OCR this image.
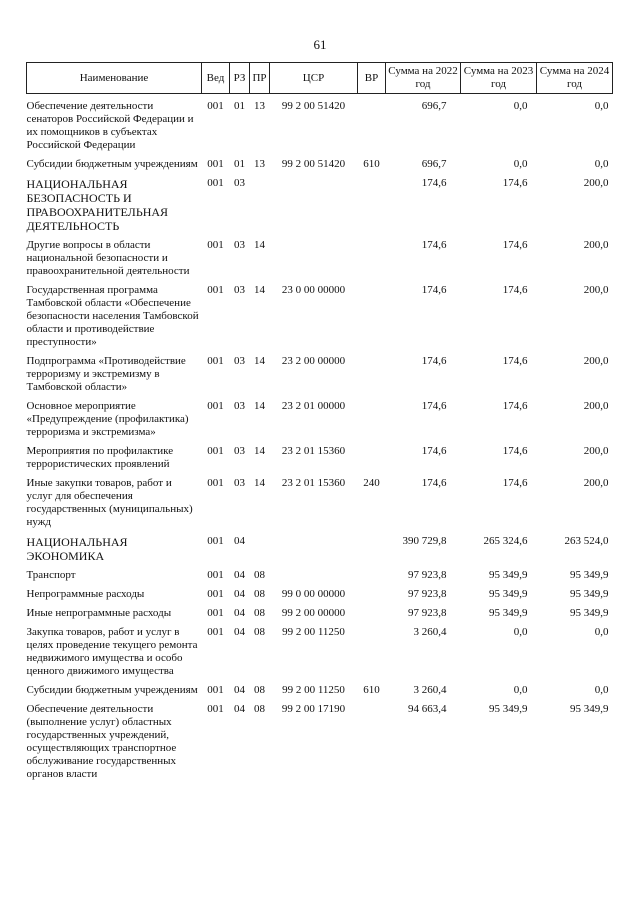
61
Наименование	Вед	РЗ	ПР	ЦСР	ВР	Сумма на 2022 год	Сумма на 2023 год	Сумма на 2024 год
Обеспечение деятельности сенаторов Российской Федерации и их помощников в субъектах Российской Федерации	001	01	13	99 2 00 51420		696,7	0,0	0,0
Субсидии бюджетным учреждениям	001	01	13	99 2 00 51420	610	696,7	0,0	0,0
НАЦИОНАЛЬНАЯ БЕЗОПАСНОСТЬ И ПРАВООХРАНИТЕЛЬНАЯ ДЕЯТЕЛЬНОСТЬ	001	03				174,6	174,6	200,0
Другие вопросы в области национальной безопасности и правоохранительной деятельности	001	03	14			174,6	174,6	200,0
Государственная программа Тамбовской области «Обеспечение безопасности населения Тамбовской области и противодействие преступности»	001	03	14	23 0 00 00000		174,6	174,6	200,0
Подпрограмма «Противодействие терроризму и экстремизму в Тамбовской области»	001	03	14	23 2 00 00000		174,6	174,6	200,0
Основное мероприятие «Предупреждение (профилактика) терроризма и экстремизма»	001	03	14	23 2 01 00000		174,6	174,6	200,0
Мероприятия по профилактике террористических проявлений	001	03	14	23 2 01 15360		174,6	174,6	200,0
Иные закупки товаров, работ и услуг для обеспечения государственных (муниципальных) нужд	001	03	14	23 2 01 15360	240	174,6	174,6	200,0
НАЦИОНАЛЬНАЯ ЭКОНОМИКА	001	04				390 729,8	265 324,6	263 524,0
Транспорт	001	04	08			97 923,8	95 349,9	95 349,9
Непрограммные расходы	001	04	08	99 0 00 00000		97 923,8	95 349,9	95 349,9
Иные непрограммные расходы	001	04	08	99 2 00 00000		97 923,8	95 349,9	95 349,9
Закупка товаров, работ и услуг в целях проведение текущего ремонта недвижимого имущества и особо ценного движимого имущества	001	04	08	99 2 00 11250		3 260,4	0,0	0,0
Субсидии бюджетным учреждениям	001	04	08	99 2 00 11250	610	3 260,4	0,0	0,0
Обеспечение деятельности (выполнение услуг) областных государственных учреждений, осуществляющих транспортное обслуживание государственных органов власти	001	04	08	99 2 00 17190		94 663,4	95 349,9	95 349,9
